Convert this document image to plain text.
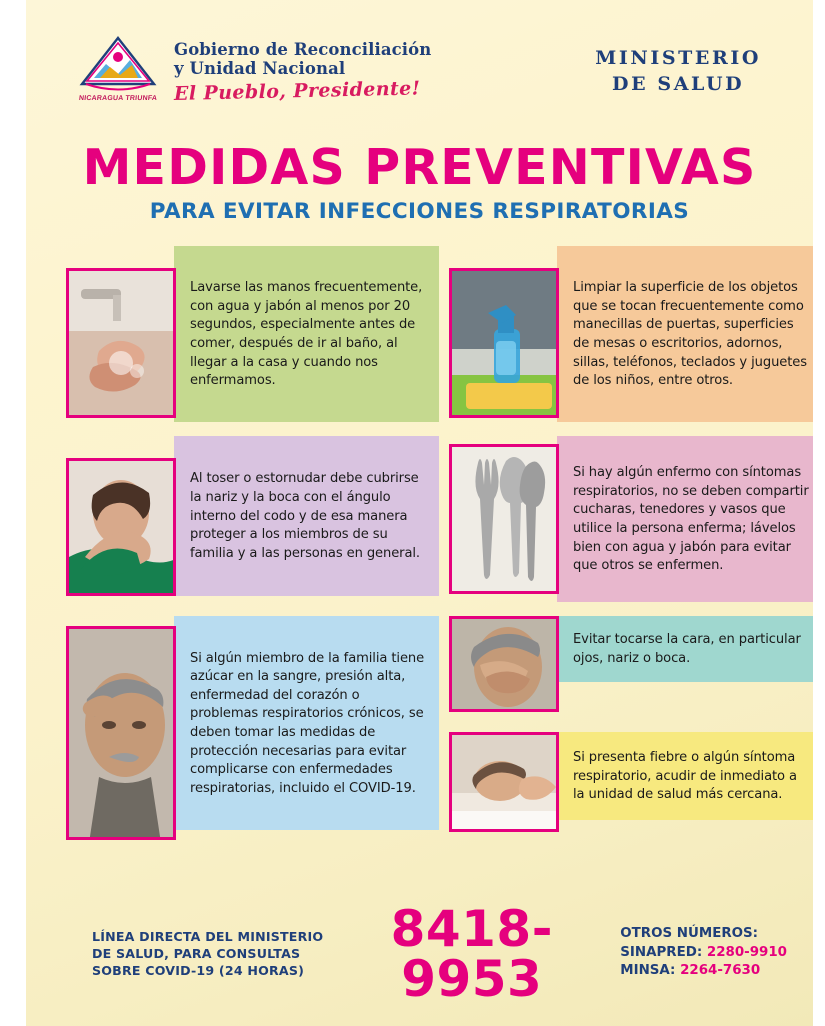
NICARAGUA TRIUNFA
Gobierno de Reconciliación
y Unidad Nacional
El Pueblo, Presidente!
MINISTERIO
DE SALUD
MEDIDAS PREVENTIVAS
PARA EVITAR INFECCIONES RESPIRATORIAS

Lavarse las manos frecuentemente, con agua y jabón al menos por 20 segundos, especialmente antes de comer, después de ir al baño, al llegar a la casa y cuando nos enfermamos.

Limpiar la superficie de los objetos que se tocan frecuentemente como manecillas de puertas, superficies de mesas o escritorios, adornos, sillas, teléfonos, teclados y juguetes de los niños, entre otros.

Al toser o estornudar debe cubrirse la nariz y la boca con el ángulo interno del codo y de esa manera proteger a los miembros de su familia y a las personas en general.

Si hay algún enfermo con síntomas respiratorios, no se deben compartir cucharas, tenedores y vasos que utilice la persona enferma; lávelos bien con agua y jabón para evitar que otros se enfermen.

Si algún miembro de la familia tiene azúcar en la sangre, presión alta, enfermedad del corazón o problemas respiratorios crónicos, se deben tomar las medidas de protección necesarias para evitar complicarse con enfermedades respiratorias, incluido el COVID-19.

Evitar tocarse la cara, en particular ojos, nariz o boca.

Si presenta fiebre o algún síntoma respiratorio, acudir de inmediato a la unidad de salud más cercana.

LÍNEA DIRECTA DEL MINISTERIO
DE SALUD, PARA CONSULTAS
SOBRE COVID-19 (24 HORAS)
8418-9953
OTROS NÚMEROS:
SINAPRED: 2280-9910
MINSA: 2264-7630
